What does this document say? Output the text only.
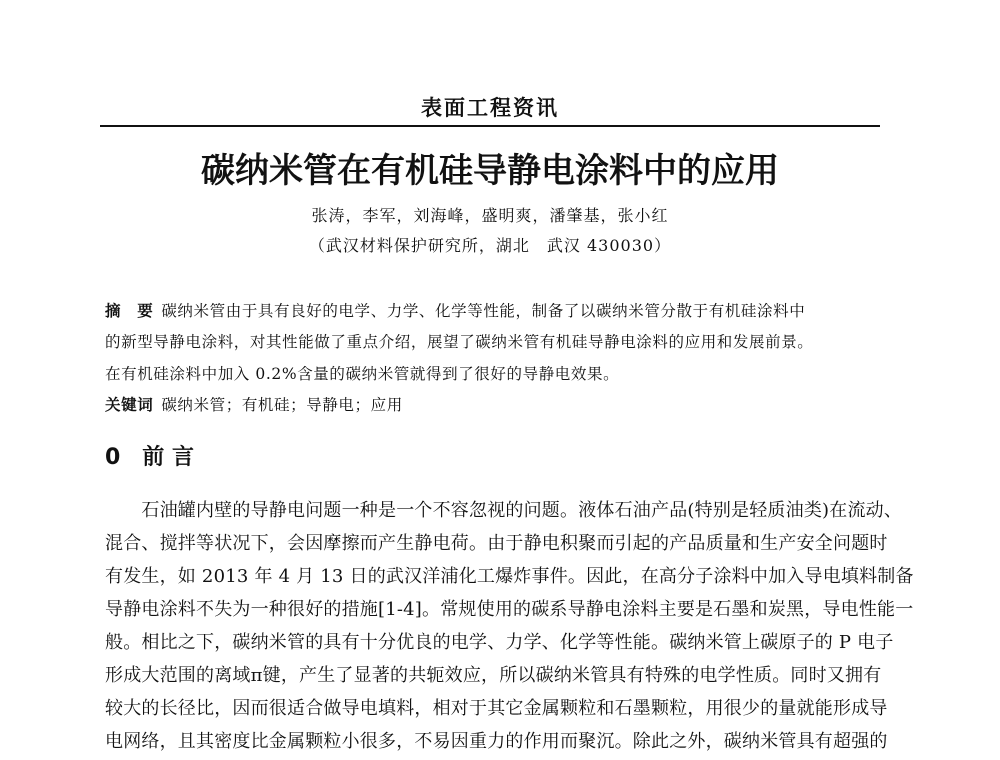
表面工程资讯
碳纳米管在有机硅导静电涂料中的应用
张涛，李军，刘海峰，盛明爽，潘肇基，张小红
（武汉材料保护研究所，湖北　武汉 430030）
摘　要 碳纳米管由于具有良好的电学、力学、化学等性能，制备了以碳纳米管分散于有机硅涂料中
的新型导静电涂料，对其性能做了重点介绍，展望了碳纳米管有机硅导静电涂料的应用和发展前景。
在有机硅涂料中加入 0.2%含量的碳纳米管就得到了很好的导静电效果。
关键词 碳纳米管；有机硅；导静电；应用
0　前 言
　　石油罐内壁的导静电问题一种是一个不容忽视的问题。液体石油产品(特别是轻质油类)在流动、
混合、搅拌等状况下，会因摩擦而产生静电荷。由于静电积聚而引起的产品质量和生产安全问题时
有发生，如 2013 年 4 月 13 日的武汉洋浦化工爆炸事件。因此，在高分子涂料中加入导电填料制备
导静电涂料不失为一种很好的措施[1-4]。常规使用的碳系导静电涂料主要是石墨和炭黑，导电性能一
般。相比之下，碳纳米管的具有十分优良的电学、力学、化学等性能。碳纳米管上碳原子的 P 电子
形成大范围的离域π键，产生了显著的共轭效应，所以碳纳米管具有特殊的电学性质。同时又拥有
较大的长径比，因而很适合做导电填料，相对于其它金属颗粒和石墨颗粒，用很少的量就能形成导
电网络，且其密度比金属颗粒小很多，不易因重力的作用而聚沉。除此之外，碳纳米管具有超强的
